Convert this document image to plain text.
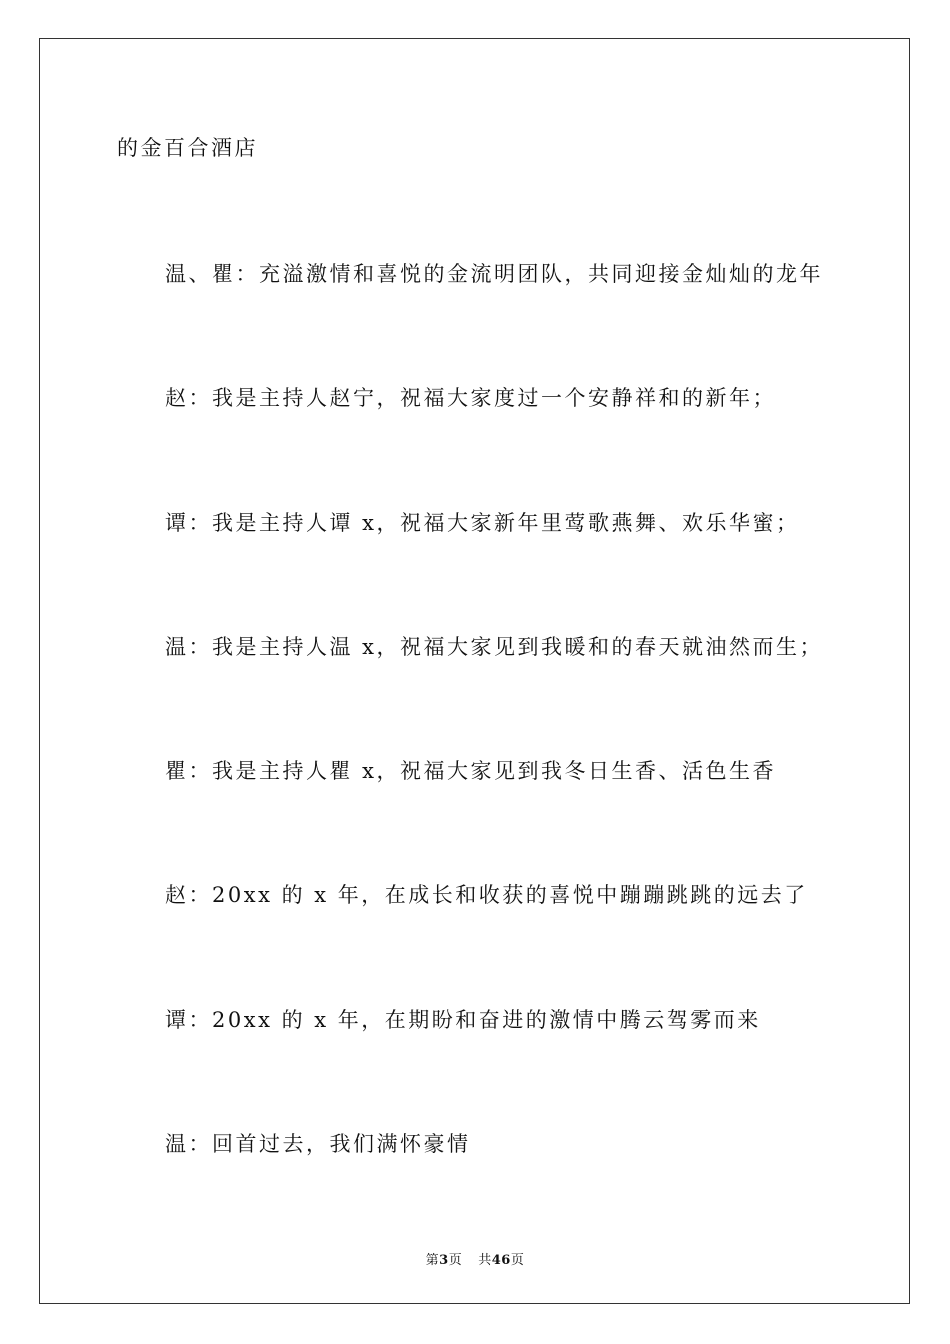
的金百合酒店
温、瞿：充溢激情和喜悦的金流明团队，共同迎接金灿灿的龙年
赵：我是主持人赵宁，祝福大家度过一个安静祥和的新年；
谭：我是主持人谭 x，祝福大家新年里莺歌燕舞、欢乐华蜜；
温：我是主持人温 x，祝福大家见到我暖和的春天就油然而生；
瞿：我是主持人瞿 x，祝福大家见到我冬日生香、活色生香
赵：20xx 的 x 年，在成长和收获的喜悦中蹦蹦跳跳的远去了
谭：20xx 的 x 年，在期盼和奋进的激情中腾云驾雾而来
温：回首过去，我们满怀豪情
第3页 共46页
